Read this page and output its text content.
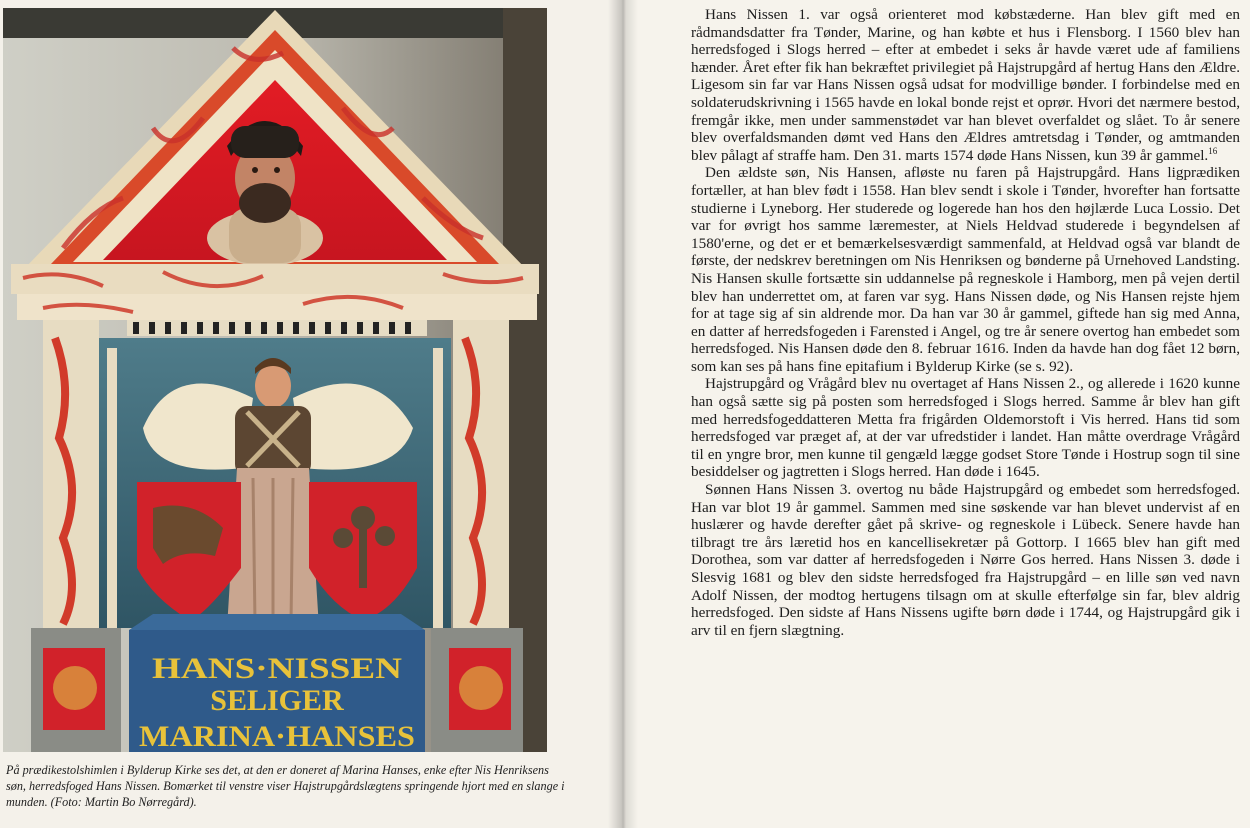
HANS·NISSEN
SELIGER
MARINA·HANSES

På prædikestolshimlen i Bylderup Kirke ses det, at den er doneret af Marina Hanses, enke efter Nis Henriksens søn, herredsfoged Hans Nissen. Bomærket til venstre viser Hajstrupgårdslægtens springende hjort med en slange i munden. (Foto: Martin Bo Nørregård).

Hans Nissen 1. var også orienteret mod købstæderne. Han blev gift med en rådmandsdatter fra Tønder, Marine, og han købte et hus i Flensborg. I 1560 blev han herredsfoged i Slogs herred – efter at embedet i seks år havde været ude af familiens hænder. Året efter fik han bekræftet privilegiet på Hajstrupgård af hertug Hans den Ældre. Ligesom sin far var Hans Nissen også udsat for modvillige bønder. I forbindelse med en soldaterudskrivning i 1565 havde en lokal bonde rejst et oprør. Hvori det nærmere bestod, fremgår ikke, men under sammenstødet var han blevet overfaldet og slået. To år senere blev overfaldsmanden dømt ved Hans den Ældres amtretsdag i Tønder, og amtmanden blev pålagt af straffe ham. Den 31. marts 1574 døde Hans Nissen, kun 39 år gammel.$^{16}$

Den ældste søn, Nis Hansen, afløste nu faren på Hajstrupgård. Hans ligprædiken fortæller, at han blev født i 1558. Han blev sendt i skole i Tønder, hvorefter han fortsatte studierne i Lyneborg. Her studerede og logerede han hos den højlærde Luca Lossio. Det var for øvrigt hos samme læremester, at Niels Heldvad studerede i begyndelsen af 1580'erne, og det er et bemærkelsesværdigt sammenfald, at Heldvad også var blandt de første, der nedskrev beretningen om Nis Henriksen og bønderne på Urnehoved Landsting. Nis Hansen skulle fortsætte sin uddannelse på regneskole i Hamborg, men på vejen dertil blev han underrettet om, at faren var syg. Hans Nissen døde, og Nis Hansen rejste hjem for at tage sig af sin aldrende mor. Da han var 30 år gammel, giftede han sig med Anna, en datter af herredsfogeden i Farensted i Angel, og tre år senere overtog han embedet som herredsfoged. Nis Hansen døde den 8. februar 1616. Inden da havde han dog fået 12 børn, som kan ses på hans fine epitafium i Bylderup Kirke (se s. 92).

Hajstrupgård og Vrågård blev nu overtaget af Hans Nissen 2., og allerede i 1620 kunne han også sætte sig på posten som herredsfoged i Slogs herred. Samme år blev han gift med herredsfogeddatteren Metta fra frigården Oldemorstoft i Vis herred. Hans tid som herredsfoged var præget af, at der var ufredstider i landet. Han måtte overdrage Vrågård til en yngre bror, men kunne til gengæld lægge godset Store Tønde i Hostrup sogn til sine besiddelser og jagtretten i Slogs herred. Han døde i 1645.

Sønnen Hans Nissen 3. overtog nu både Hajstrupgård og embedet som herredsfoged. Han var blot 19 år gammel. Sammen med sine søskende var han blevet undervist af en huslærer og havde derefter gået på skrive- og regneskole i Lübeck. Senere havde han tilbragt tre års læretid hos en kancellisekretær på Gottorp. I 1665 blev han gift med Dorothea, som var datter af herredsfogeden i Nørre Gos herred. Hans Nissen 3. døde i Slesvig 1681 og blev den sidste herredsfoged fra Hajstrupgård – en lille søn ved navn Adolf Nissen, der modtog hertugens tilsagn om at skulle efterfølge sin far, blev aldrig herredsfoged. Den sidste af Hans Nissens ugifte børn døde i 1744, og Hajstrupgård gik i arv til en fjern slægtning.
